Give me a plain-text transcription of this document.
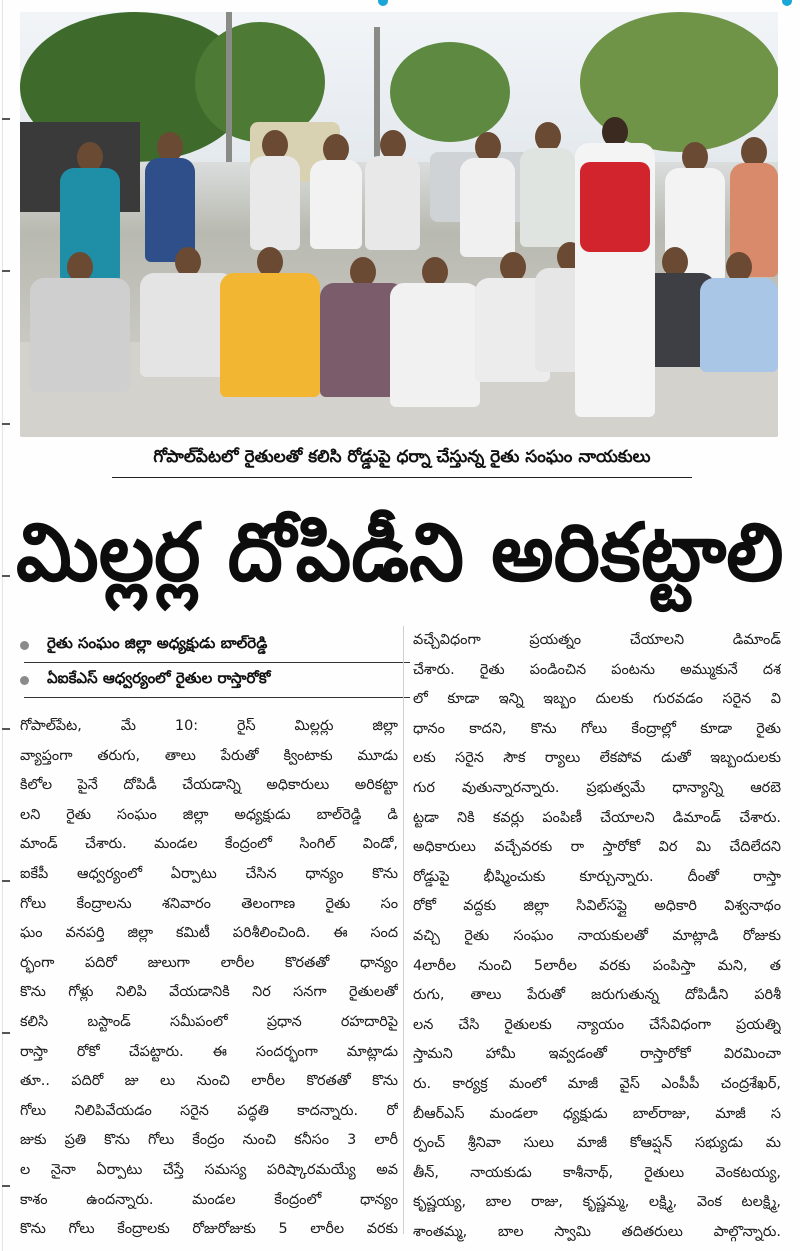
గోపాల్‌పేటలో రైతులతో కలిసి రోడ్డుపై ధర్నా చేస్తున్న రైతు సంఘం నాయకులు
మిల్లర్ల దోపిడీని అరికట్టాలి
రైతు సంఘం జిల్లా అధ్యక్షుడు బాల్‌రెడ్డి
ఏఐకేఎస్‌ ఆధ్వర్యంలో రైతుల రాస్తారోకో

గోపాల్‌పేట, మే 10: రైస్‌ మిల్లర్లు జిల్లా

వ్యాప్తంగా తరుగు, తాలు పేరుతో క్వింటాకు మూడు

కిలోల పైనే దోపిడీ చేయడాన్ని అధికారులు అరికట్టా

లని రైతు సంఘం జిల్లా అధ్యక్షుడు బాల్‌రెడ్డి డి

మాండ్‌ చేశారు. మండల కేంద్రంలో సింగిల్‌ విండో,

ఐకేపీ ఆధ్వర్యంలో ఏర్పాటు చేసిన ధాన్యం కొను

గోలు కేంద్రాలను శనివారం తెలంగాణ రైతు సం

ఘం వనపర్తి జిల్లా కమిటీ పరిశీలించింది. ఈ సంద

ర్భంగా పదిరో జులుగా లారీల కొరతతో ధాన్యం

కొను గోళ్లు నిలిపి వేయడానికి నిర సనగా రైతులతో

కలిసి బస్టాండ్‌ సమీపంలో ప్రధాన రహదారిపై

రాస్తా రోకో చేపట్టారు. ఈ సందర్భంగా మాట్లాడు

తూ.. పదిరో జు లు నుంచి లారీల కొరతతో కొను

గోలు నిలిపివేయడం సరైన పద్ధతి కాదన్నారు. రో

జుకు ప్రతి కొను గోలు కేంద్రం నుంచి కనీసం 3 లారీ

ల నైనా ఏర్పాటు చేస్తే సమస్య పరిష్కారమయ్యే అవ

కాశం ఉందన్నారు. మండల కేంద్రంలో ధాన్యం

కొను గోలు కేంద్రాలకు రోజురోజుకు 5 లారీల వరకు

వచ్చేవిధంగా ప్రయత్నం చేయాలని డిమాండ్‌

చేశారు. రైతు పండించిన పంటను అమ్ముకునే దశ

లో కూడా ఇన్ని ఇబ్బం దులకు గురవడం సరైన వి

ధానం కాదని, కొను గోలు కేంద్రాల్లో కూడా రైతు

లకు సరైన సౌక ర్యాలు లేకపోవ డుతో ఇబ్బందులకు

గుర వుతున్నారన్నారు. ప్రభుత్వమే ధాన్యాన్ని ఆరబె

ట్టడా నికి కవర్లు పంపిణీ చేయాలని డిమాండ్‌ చేశారు.

అధికారులు వచ్చేవరకు రా స్తారోకో విర మి చేదిలేదని

రోడ్డుపై భీష్మించుకు కూర్చున్నారు. దీంతో రాస్తా

రోకో వద్దకు జిల్లా సివిల్‌సప్లై అధికారి విశ్వనాథం

వచ్చి రైతు సంఘం నాయకులతో మాట్లాడి రోజుకు

4లారీల నుంచి 5లారీల వరకు పంపిస్తా మని, త

రుగు, తాలు పేరుతో జరుగుతున్న దోపిడీని పరిశీ

లన చేసి రైతులకు న్యాయం చేసేవిధంగా ప్రయత్ని

స్తామని హామీ ఇవ్వడంతో రాస్తారోకో విరమించా

రు. కార్యక్ర మంలో మాజీ వైస్‌ ఎంపీపీ చంద్రశేఖర్‌,

బీఆర్‌ఎస్‌ మండలా ధ్యక్షుడు బాల్‌రాజు, మాజీ స

ర్పంచ్‌ శ్రీనివా సులు మాజీ కోఆప్షన్‌ సభ్యుడు మ

తీన్‌, నాయకుడు కాశీనాథ్‌, రైతులు వెంకటయ్య,

కృష్ణయ్య, బాల రాజు, కృష్ణమ్మ, లక్ష్మి, వెంక టలక్ష్మి,

శాంతమ్మ, బాల స్వామి తదితరులు పాల్గొన్నారు.
